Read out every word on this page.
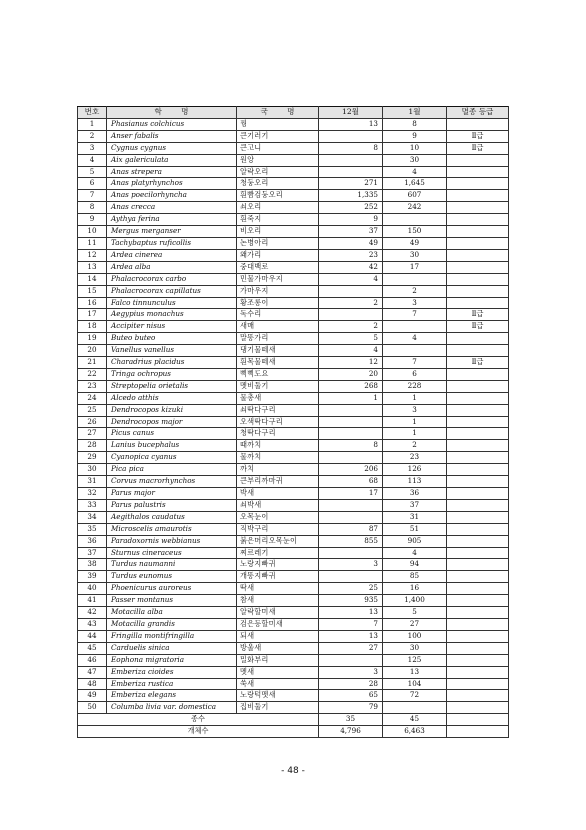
번호	학        명	국        명	12월	1월	멸종 등급
1	Phasianus colchicus	꿩	13	8	
2	Anser fabalis	큰기러기		9	Ⅱ급
3	Cygnus cygnus	큰고니	8	10	Ⅱ급
4	Aix galericulata	원앙		30	
5	Anas strepera	알락오리		4	
6	Anas platyrhynchos	청둥오리	271	1,645	
7	Anas poecilorhyncha	흰빰검둥오리	1,335	607	
8	Anas crecca	쇠오리	252	242	
9	Aythya ferina	흰죽지	9		
10	Mergus merganser	비오리	37	150	
11	Tachybaptus ruficollis	논병아리	49	49	
12	Ardea cinerea	왜가리	23	30	
13	Ardea alba	중대백로	42	17	
14	Phalacrocorax carbo	민물가마우지	4		
15	Phalacrocorax capillatus	가마우지		2	
16	Falco tinnunculus	황조롱이	2	3	
17	Aegypius monachus	독수리		7	Ⅱ급
18	Accipiter nisus	새매	2		Ⅱ급
19	Buteo buteo	말똥가리	5	4	
20	Vanellus vanellus	댕기물떼새	4		
21	Charadrius placidus	흰목물떼새	12	7	Ⅱ급
22	Tringa ochropus	삑삑도요	20	6	
23	Streptopelia orietalis	멧비둘기	268	228	
24	Alcedo atthis	물총새	1	1	
25	Dendrocopos kizuki	쇠딱다구리		3	
26	Dendrocopos major	오색딱다구리		1	
27	Picus canus	청딱다구리		1	
28	Lanius bucephalus	때까치	8	2	
29	Cyanopica cyanus	물까치		23	
30	Pica pica	까치	206	126	
31	Corvus macrorhynchos	큰부리까마귀	68	113	
32	Parus major	박새	17	36	
33	Parus palustris	쇠박새		37	
34	Aegithalos caudatus	오목눈이		31	
35	Microscelis amaurotis	직박구리	87	51	
36	Paradoxornis webbianus	붉은머리오목눈이	855	905	
37	Sturnus cineraceus	찌르레기		4	
38	Turdus naumanni	노랑지빠귀	3	94	
39	Turdus eunomus	개똥지빠귀		85	
40	Phoenicurus auroreus	딱새	25	16	
41	Passer montanus	참새	935	1,400	
42	Motacilla alba	알락할미새	13	5	
43	Motacilla grandis	검은등할미새	7	27	
44	Fringilla montifringilla	되새	13	100	
45	Carduelis sinica	방울새	27	30	
46	Eophona migratoria	밀화부리		125	
47	Emberiza cioides	멧새	3	13	
48	Emberiza rustica	쑥새	28	104	
49	Emberiza elegans	노랑턱멧새	65	72	
50	Columba livia var. domestica	집비둘기	79		
종수			35	45	
개체수			4,796	6,463	
- 48 -
